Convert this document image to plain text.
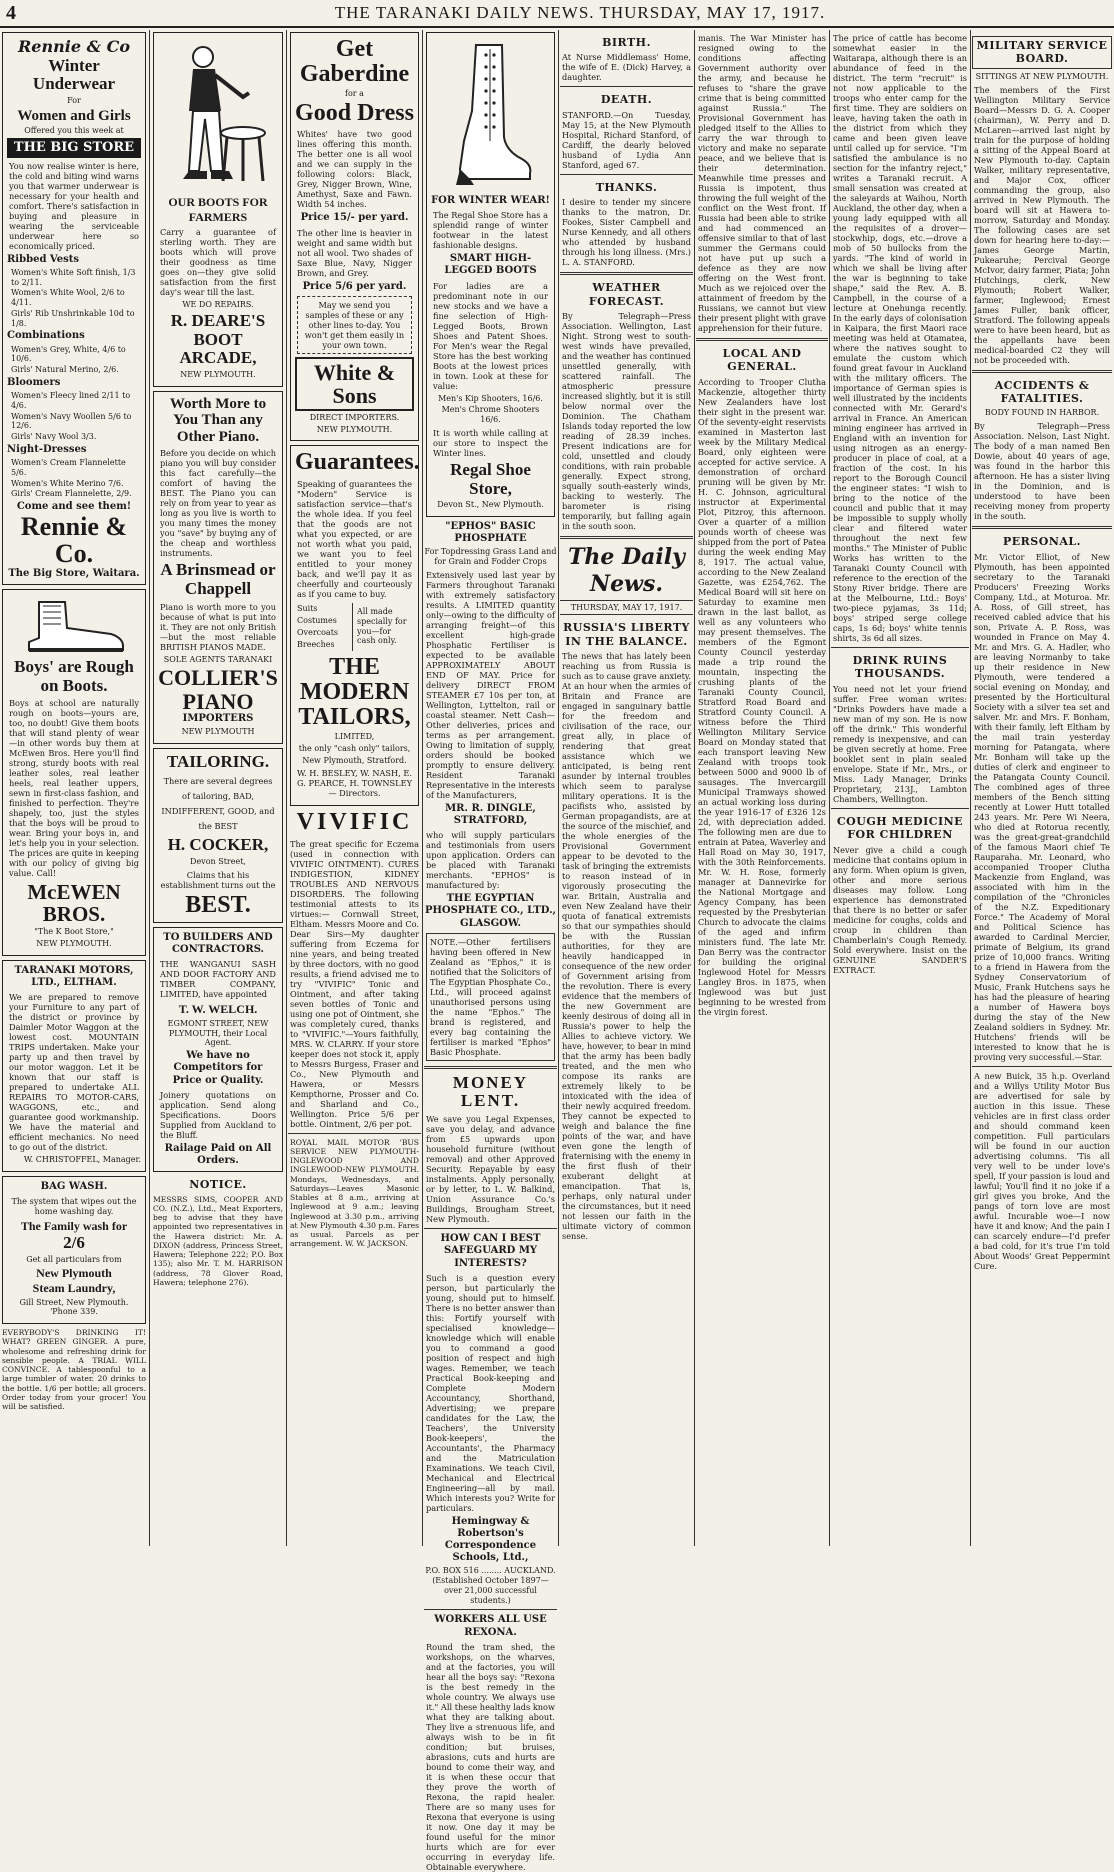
4	THE TARANAKI DAILY NEWS. THURSDAY, MAY 17, 1917.
Rennie & Co
Winter Underwear
For
Women and Girls
Offered you this week at
THE BIG STORE
You now realise winter is here, the cold and biting wind warns you that warmer underwear is necessary for your health and comfort. There's satisfaction in buying and pleasure in wearing the serviceable underwear here so economically priced.
Ribbed Vests
Women's White Soft finish, 1/3 to 2/11.
Women's White Wool, 2/6 to 4/11.
Girls' Rib Unshrinkable 10d to 1/8.
Combinations
Women's Grey, White, 4/6 to 10/6.
Girls' Natural Merino, 2/6.
Bloomers
Women's Fleecy lined 2/11 to 4/6.
Women's Navy Woollen 5/6 to 12/6.
Girls' Navy Wool 3/3.
Night-Dresses
Women's Cream Flannelette 5/6.
Women's White Merino 7/6.
Girls' Cream Flannelette, 2/9.
Come and see them!
Rennie & Co.
The Big Store, Waitara.
Boys' are Rough on Boots.
Boys at school are naturally rough on boots—yours are, too, no doubt! Give them boots that will stand plenty of wear—in other words buy them at McEwen Bros. Here you'll find strong, sturdy boots with real leather soles, real leather heels, real leather uppers, sewn in first-class fashion, and finished to perfection. They're shapely, too, just the styles that the boys will be proud to wear. Bring your boys in, and let's help you in your selection. The prices are quite in keeping with our policy of giving big value. Call!
McEWEN BROS.
"The K Boot Store,"
NEW PLYMOUTH.
TARANAKI MOTORS, LTD., ELTHAM.
We are prepared to remove your Furniture to any part of the district or province by Daimler Motor Waggon at the lowest cost. MOUNTAIN TRIPS undertaken. Make your party up and then travel by our motor waggon. Let it be known that our staff is prepared to undertake ALL REPAIRS TO MOTOR-CARS, WAGGONS, etc., and guarantee good workmanship. We have the material and efficient mechanics. No need to go out of the district.
W. CHRISTOFFEL, Manager.
BAG WASH.
The system that wipes out the home washing day.
The Family wash for
2/6
Get all particulars from
New Plymouth
Steam Laundry,
Gill Street, New Plymouth. 'Phone 339.
EVERYBODY'S DRINKING IT! WHAT? GREEN GINGER. A pure, wholesome and refreshing drink for sensible people. A TRIAL WILL CONVINCE. A tablespoonful to a large tumbler of water. 20 drinks to the bottle. 1/6 per bottle; all grocers. Order today from your grocer! You will be satisfied.
OUR BOOTS FOR FARMERS
Carry a guarantee of sterling worth. They are boots which will prove their goodness as time goes on—they give solid satisfaction from the first day's wear till the last.
WE DO REPAIRS.
R. DEARE'S BOOT ARCADE,
NEW PLYMOUTH.
Worth More to You Than any Other Piano.
Before you decide on which piano you will buy consider this fact carefully—the comfort of having the BEST. The Piano you can rely on from year to year as long as you live is worth to you many times the money you "save" by buying any of the cheap and worthless instruments.
A Brinsmead or Chappell
Piano is worth more to you because of what is put into it. They are not only British—but the most reliable BRITISH PIANOS MADE.
SOLE AGENTS TARANAKI
COLLIER'S PIANO
IMPORTERS
NEW PLYMOUTH
TAILORING.
There are several degrees of tailoring, BAD, INDIFFERENT, GOOD, and the BEST
H. COCKER,
Devon Street,
Claims that his establishment turns out the
BEST.
TO BUILDERS AND CONTRACTORS.
THE WANGANUI SASH AND DOOR FACTORY AND TIMBER COMPANY, LIMITED, have appointed
T. W. WELCH.
EGMONT STREET, NEW PLYMOUTH, their Local Agent.
We have no Competitors for Price or Quality.
Joinery quotations on application. Send along Specifications. Doors Supplied from Auckland to the Bluff.
Railage Paid on All Orders.
NOTICE.
MESSRS SIMS, COOPER AND CO. (N.Z.), Ltd., Meat Exporters, beg to advise that they have appointed two representatives in the Hawera district: Mr. A. DIXON (address, Princess Street, Hawera; Telephone 222; P.O. Box 135); also Mr. T. M. HARRISON (address, 78 Glover Road, Hawera; telephone 276).
Get
Gaberdine
for a
Good Dress
Whites' have two good lines offering this month. The better one is all wool and we can supply in the following colors: Black, Grey, Nigger Brown, Wine, Amethyst, Saxe and Fawn. Width 54 inches.
Price 15/- per yard.
The other line is heavier in weight and same width but not all wool. Two shades of Saxe Blue, Navy, Nigger Brown, and Grey.
Price 5/6 per yard.
May we send you samples of these or any other lines to-day. You won't get them easily in your own town.
White & Sons
DIRECT IMPORTERS.
NEW PLYMOUTH.
Guarantees.
Speaking of guarantees the "Modern" Service is satisfaction service—that's the whole idea. If you feel that the goods are not what you expected, or are not worth what you paid, we want you to feel entitled to your money back, and we'll pay it as cheerfully and courteously as if you came to buy.
Suits
Costumes
Overcoats
Breeches
All made specially for you—for cash only.
THE MODERN TAILORS,
LIMITED,
the only "cash only" tailors,
New Plymouth, Stratford.
W. H. BESLEY, W. NASH, E. G. PEARCE, H. TOWNSLEY — Directors.
VIVIFIC
The great specific for Eczema (used in connection with VIVIFIC OINTMENT). CURES INDIGESTION, KIDNEY TROUBLES AND NERVOUS DISORDERS. The following testimonial attests to its virtues:— Cornwall Street, Eltham. Messrs Moore and Co. Dear Sirs—My daughter suffering from Eczema for nine years, and being treated by three doctors, with no good results, a friend advised me to try "VIVIFIC" Tonic and Ointment, and after taking seven bottles of Tonic and using one pot of Ointment, she was completely cured, thanks to "VIVIFIC."—Yours faithfully, MRS. W. CLARRY. If your store keeper does not stock it, apply to Messrs Burgess, Fraser and Co., New Plymouth and Hawera, or Messrs Kempthorne, Prosser and Co. and Sharland and Co., Wellington. Price 5/6 per bottle. Ointment, 2/6 per pot.
ROYAL MAIL MOTOR 'BUS SERVICE NEW PLYMOUTH-INGLEWOOD AND INGLEWOOD-NEW PLYMOUTH. Mondays, Wednesdays, and Saturdays—Leaves Masonic Stables at 8 a.m., arriving at Inglewood at 9 a.m.; leaving Inglewood at 3.30 p.m., arriving at New Plymouth 4.30 p.m. Fares as usual. Parcels as per arrangement. W. W. JACKSON.
FOR WINTER WEAR!
The Regal Shoe Store has a splendid range of winter footwear in the latest fashionable designs.
SMART HIGH-LEGGED BOOTS
For ladies are a predominant note in our new stocks and we have a fine selection of High-Legged Boots, Brown Shoes and Patent Shoes. For Men's wear the Regal Store has the best working Boots at the lowest prices in town. Look at these for value:
Men's Kip Shooters, 16/6.
Men's Chrome Shooters 16/6.
It is worth while calling at our store to inspect the Winter lines.
Regal Shoe Store,
Devon St., New Plymouth.
"EPHOS" BASIC PHOSPHATE
For Topdressing Grass Land and for Grain and Fodder Crops
Extensively used last year by Farmers throughout Taranaki with extremely satisfactory results. A LIMITED quantity only—owing to the difficulty of arranging freight—of this excellent high-grade Phosphatic Fertiliser is expected to be available APPROXIMATELY ABOUT END OF MAY. Price for delivery DIRECT FROM STEAMER £7 10s per ton, at Wellington, Lyttelton, rail or coastal steamer. Nett Cash—Other deliveries, prices and terms as per arrangement. Owing to limitation of supply, orders should be booked promptly to ensure delivery. Resident Taranaki Representative in the interests of the Manufacturers,
MR. R. DINGLE, STRATFORD,
who will supply particulars and testimonials from users upon application. Orders can be placed with Taranaki merchants. "EPHOS" is manufactured by:
THE EGYPTIAN PHOSPHATE CO., LTD., GLASGOW.
NOTE.—Other fertilisers having been offered in New Zealand as "Ephos," it is notified that the Solicitors of The Egyptian Phosphate Co., Ltd., will proceed against unauthorised persons using the name "Ephos." The brand is registered, and every bag containing the fertiliser is marked "Ephos" Basic Phosphate.
MONEY LENT.
We save you Legal Expenses, save you delay, and advance from £5 upwards upon household furniture (without removal) and other Approved Security. Repayable by easy instalments. Apply personally, or by letter, to L. W. Balkind, Union Assurance Co.'s Buildings, Brougham Street, New Plymouth.
HOW CAN I BEST SAFEGUARD MY INTERESTS?
Such is a question every person, but particularly the young, should put to himself. There is no better answer than this: Fortify yourself with specialised knowledge—knowledge which will enable you to command a good position of respect and high wages. Remember, we teach Practical Book-keeping and Complete Modern Accountancy, Shorthand, Advertising; we prepare candidates for the Law, the Teachers', the University Book-keepers', the Accountants', the Pharmacy and the Matriculation Examinations. We teach Civil, Mechanical and Electrical Engineering—all by mail. Which interests you? Write for particulars.
Hemingway & Robertson's Correspondence Schools, Ltd.,
P.O. BOX 516 ........ AUCKLAND. (Established October 1897—over 21,000 successful students.)
WORKERS ALL USE REXONA.
Round the tram shed, the workshops, on the wharves, and at the factories, you will hear all the boys say: "Rexona is the best remedy in the whole country. We always use it." All these healthy lads know what they are talking about. They live a strenuous life, and always wish to be in fit condition; but bruises, abrasions, cuts and hurts are bound to come their way, and it is when these occur that they prove the worth of Rexona, the rapid healer. There are so many uses for Rexona that everyone is using it now. One day it may be found useful for the minor hurts which are for ever occurring in everyday life. Obtainable everywhere.
BIRTH.
At Nurse Middlemass' Home, the wife of E. (Dick) Harvey, a daughter.
DEATH.
STANFORD.—On Tuesday, May 15, at the New Plymouth Hospital, Richard Stanford, of Cardiff, the dearly beloved husband of Lydia Ann Stanford, aged 67.
THANKS.
I desire to tender my sincere thanks to the matron, Dr. Fookes, Sister Campbell and Nurse Kennedy, and all others who attended by husband through his long illness. (Mrs.) L. A. STANFORD.
WEATHER FORECAST.
By Telegraph—Press Association. Wellington, Last Night. Strong west to south-west winds have prevailed, and the weather has continued unsettled generally, with scattered rainfall. The atmospheric pressure increased slightly, but it is still below normal over the Dominion. The Chatham Islands today reported the low reading of 28.39 inches. Present indications are for cold, unsettled and cloudy conditions, with rain probable generally. Expect strong, squally south-easterly winds, backing to westerly. The barometer is rising temporarily, but falling again in the south soon.
The Daily News.
THURSDAY, MAY 17, 1917.
RUSSIA'S LIBERTY IN THE BALANCE.
The news that has lately been reaching us from Russia is such as to cause grave anxiety. At an hour when the armies of Britain and France are engaged in sanguinary battle for the freedom and civilisation of the race, our great ally, in place of rendering that great assistance which we anticipated, is being rent asunder by internal troubles which seem to paralyse military operations. It is the pacifists who, assisted by German propagandists, are at the source of the mischief, and the whole energies of the Provisional Government appear to be devoted to the task of bringing the extremists to reason instead of in vigorously prosecuting the war. Britain, Australia and even New Zealand have their quota of fanatical extremists so that our sympathies should be with the Russian authorities, for they are heavily handicapped in consequence of the new order of Government arising from the revolution. There is every evidence that the members of the new Government are keenly desirous of doing all in Russia's power to help the Allies to achieve victory. We have, however, to bear in mind that the army has been badly treated, and the men who compose its ranks are extremely likely to be intoxicated with the idea of their newly acquired freedom. They cannot be expected to weigh and balance the fine points of the war, and have even gone the length of fraternising with the enemy in the first flush of their exuberant delight at emancipation. That is, perhaps, only natural under the circumstances, but it need not lessen our faith in the ultimate victory of common sense.
manis. The War Minister has resigned owing to the conditions affecting Government authority over the army, and because he refuses to "share the grave crime that is being committed against Russia." The Provisional Government has pledged itself to the Allies to carry the war through to victory and make no separate peace, and we believe that is their determination. Meanwhile time presses and Russia is impotent, thus throwing the full weight of the conflict on the West front. If Russia had been able to strike and had commenced an offensive similar to that of last summer the Germans could not have put up such a defence as they are now offering on the West front. Much as we rejoiced over the attainment of freedom by the Russians, we cannot but view their present plight with grave apprehension for their future.
LOCAL AND GENERAL.
According to Trooper Clutha Mackenzie, altogether thirty New Zealanders have lost their sight in the present war. Of the seventy-eight reservists examined in Masterton last week by the Military Medical Board, only eighteen were accepted for active service. A demonstration of orchard pruning will be given by Mr. H. C. Johnson, agricultural instructor at Experimental Plot, Pitzroy, this afternoon. Over a quarter of a million pounds worth of cheese was shipped from the port of Patea during the week ending May 8, 1917. The actual value, according to the New Zealand Gazette, was £254,762. The Medical Board will sit here on Saturday to examine men drawn in the last ballot, as well as any volunteers who may present themselves. The members of the Egmont County Council yesterday made a trip round the mountain, inspecting the crushing plants of the Taranaki County Council, Stratford Road Board and Stratford County Council. A witness before the Third Wellington Military Service Board on Monday stated that each transport leaving New Zealand with troops took between 5000 and 9000 lb of sausages. The Invercargill Municipal Tramways showed an actual working loss during the year 1916-17 of £326 12s 2d, with depreciation added. The following men are due to entrain at Patea, Waverley and Hall Road on May 30, 1917, with the 30th Reinforcements. Mr. W. H. Rose, formerly manager at Dannevirke for the National Mortgage and Agency Company, has been requested by the Presbyterian Church to advocate the claims of the aged and infirm ministers fund. The late Mr. Dan Berry was the contractor for building the original Inglewood Hotel for Messrs Langley Bros. in 1875, when Inglewood was but just beginning to be wrested from the virgin forest.
The price of cattle has become somewhat easier in the Waitarapa, although there is an abundance of feed in the district. The term "recruit" is not now applicable to the troops who enter camp for the first time. They are soldiers on leave, having taken the oath in the district from which they came and been given leave until called up for service. "I'm satisfied the ambulance is no section for the infantry reject," writes a Taranaki recruit. A small sensation was created at the saleyards at Waihou, North Auckland, the other day, when a young lady equipped with all the requisites of a drover—stockwhip, dogs, etc.—drove a mob of 50 bullocks from the yards. "The kind of world in which we shall be living after the war is beginning to take shape," said the Rev. A. B. Campbell, in the course of a lecture at Onehunga recently. In the early days of colonisation in Kaipara, the first Maori race meeting was held at Otamatea, where the natives sought to emulate the custom which found great favour in Auckland with the military officers. The importance of German spies is well illustrated by the incidents connected with Mr. Gerard's arrival in France. An American mining engineer has arrived in England with an invention for using nitrogen as an energy-producer in place of coal, at a fraction of the cost. In his report to the Borough Council the engineer states: "I wish to bring to the notice of the council and public that it may be impossible to supply wholly clear and filtered water throughout the next few months." The Minister of Public Works has written to the Taranaki County Council with reference to the erection of the Stony River bridge. There are at the Melbourne, Ltd.: Boys' two-piece pyjamas, 3s 11d; boys' striped serge college caps, 1s 6d; boys' white tennis shirts, 3s 6d all sizes.
DRINK RUINS THOUSANDS.
You need not let your friend suffer. Free woman writes: "Drinks Powders have made a new man of my son. He is now off the drink." This wonderful remedy is inexpensive, and can be given secretly at home. Free booklet sent in plain sealed envelope. State if Mr., Mrs., or Miss. Lady Manager, Drinks Proprietary, 213J., Lambton Chambers, Wellington.
COUGH MEDICINE FOR CHILDREN
Never give a child a cough medicine that contains opium in any form. When opium is given, other and more serious diseases may follow. Long experience has demonstrated that there is no better or safer medicine for coughs, colds and croup in children than Chamberlain's Cough Remedy. Sold everywhere. Insist on the GENUINE SANDER'S EXTRACT.
MILITARY SERVICE BOARD.
SITTINGS AT NEW PLYMOUTH.
The members of the First Wellington Military Service Board—Messrs D. G. A. Cooper (chairman), W. Perry and D. McLaren—arrived last night by train for the purpose of holding a sitting of the Appeal Board at New Plymouth to-day. Captain Walker, military representative, and Major Cox, officer commanding the group, also arrived in New Plymouth. The board will sit at Hawera to-morrow, Saturday and Monday. The following cases are set down for hearing here to-day:— James George Martin, Pukearuhe; Percival George McIvor, dairy farmer, Piata; John Hutchings, clerk, New Plymouth; Robert Walker, farmer, Inglewood; Ernest James Fuller, bank officer, Stratford. The following appeals were to have been heard, but as the appellants have been medical-boarded C2 they will not be proceeded with.
ACCIDENTS & FATALITIES.
BODY FOUND IN HARBOR.
By Telegraph—Press Association. Nelson, Last Night. The body of a man named Ben Dowie, about 40 years of age, was found in the harbor this afternoon. He has a sister living in the Dominion, and is understood to have been receiving money from property in the south.
PERSONAL.
Mr. Victor Elliot, of New Plymouth, has been appointed secretary to the Taranaki Producers' Freezing Works Company, Ltd., at Moturoa. Mr. A. Ross, of Gill street, has received cabled advice that his son, Private A. P. Ross, was wounded in France on May 4. Mr. and Mrs. G. A. Hadler, who are leaving Normanby to take up their residence in New Plymouth, were tendered a social evening on Monday, and presented by the Horticultural Society with a silver tea set and salver. Mr. and Mrs. F. Bonham, with their family, left Eltham by the mail train yesterday morning for Patangata, where Mr. Bonham will take up the duties of clerk and engineer to the Patangata County Council. The combined ages of three members of the Bench sitting recently at Lower Hutt totalled 243 years. Mr. Pere Wi Neera, who died at Rotorua recently, was the great-great-grandchild of the famous Maori chief Te Rauparaha. Mr. Leonard, who accompanied Trooper Clutha Mackenzie from England, was associated with him in the compilation of the "Chronicles of the N.Z. Expeditionary Force." The Academy of Moral and Political Science has awarded to Cardinal Mercier, primate of Belgium, its grand prize of 10,000 francs. Writing to a friend in Hawera from the Sydney Conservatorium of Music, Frank Hutchens says he has had the pleasure of hearing a number of Hawera boys during the stay of the New Zealand soldiers in Sydney. Mr. Hutchens' friends will be interested to know that he is proving very successful.—Star.
A new Buick, 35 h.p. Overland and a Willys Utility Motor Bus are advertised for sale by auction in this issue. These vehicles are in first class order and should command keen competition. Full particulars will be found in our auction advertising columns. 'Tis all very well to be under love's spell, If your passion is loud and lawful; You'll find it no joke if a girl gives you broke, And the pangs of torn love are most awful. Incurable woe—I now have it and know; And the pain I can scarcely endure—I'd prefer a bad cold, for it's true I'm told About Woods' Great Peppermint Cure.
